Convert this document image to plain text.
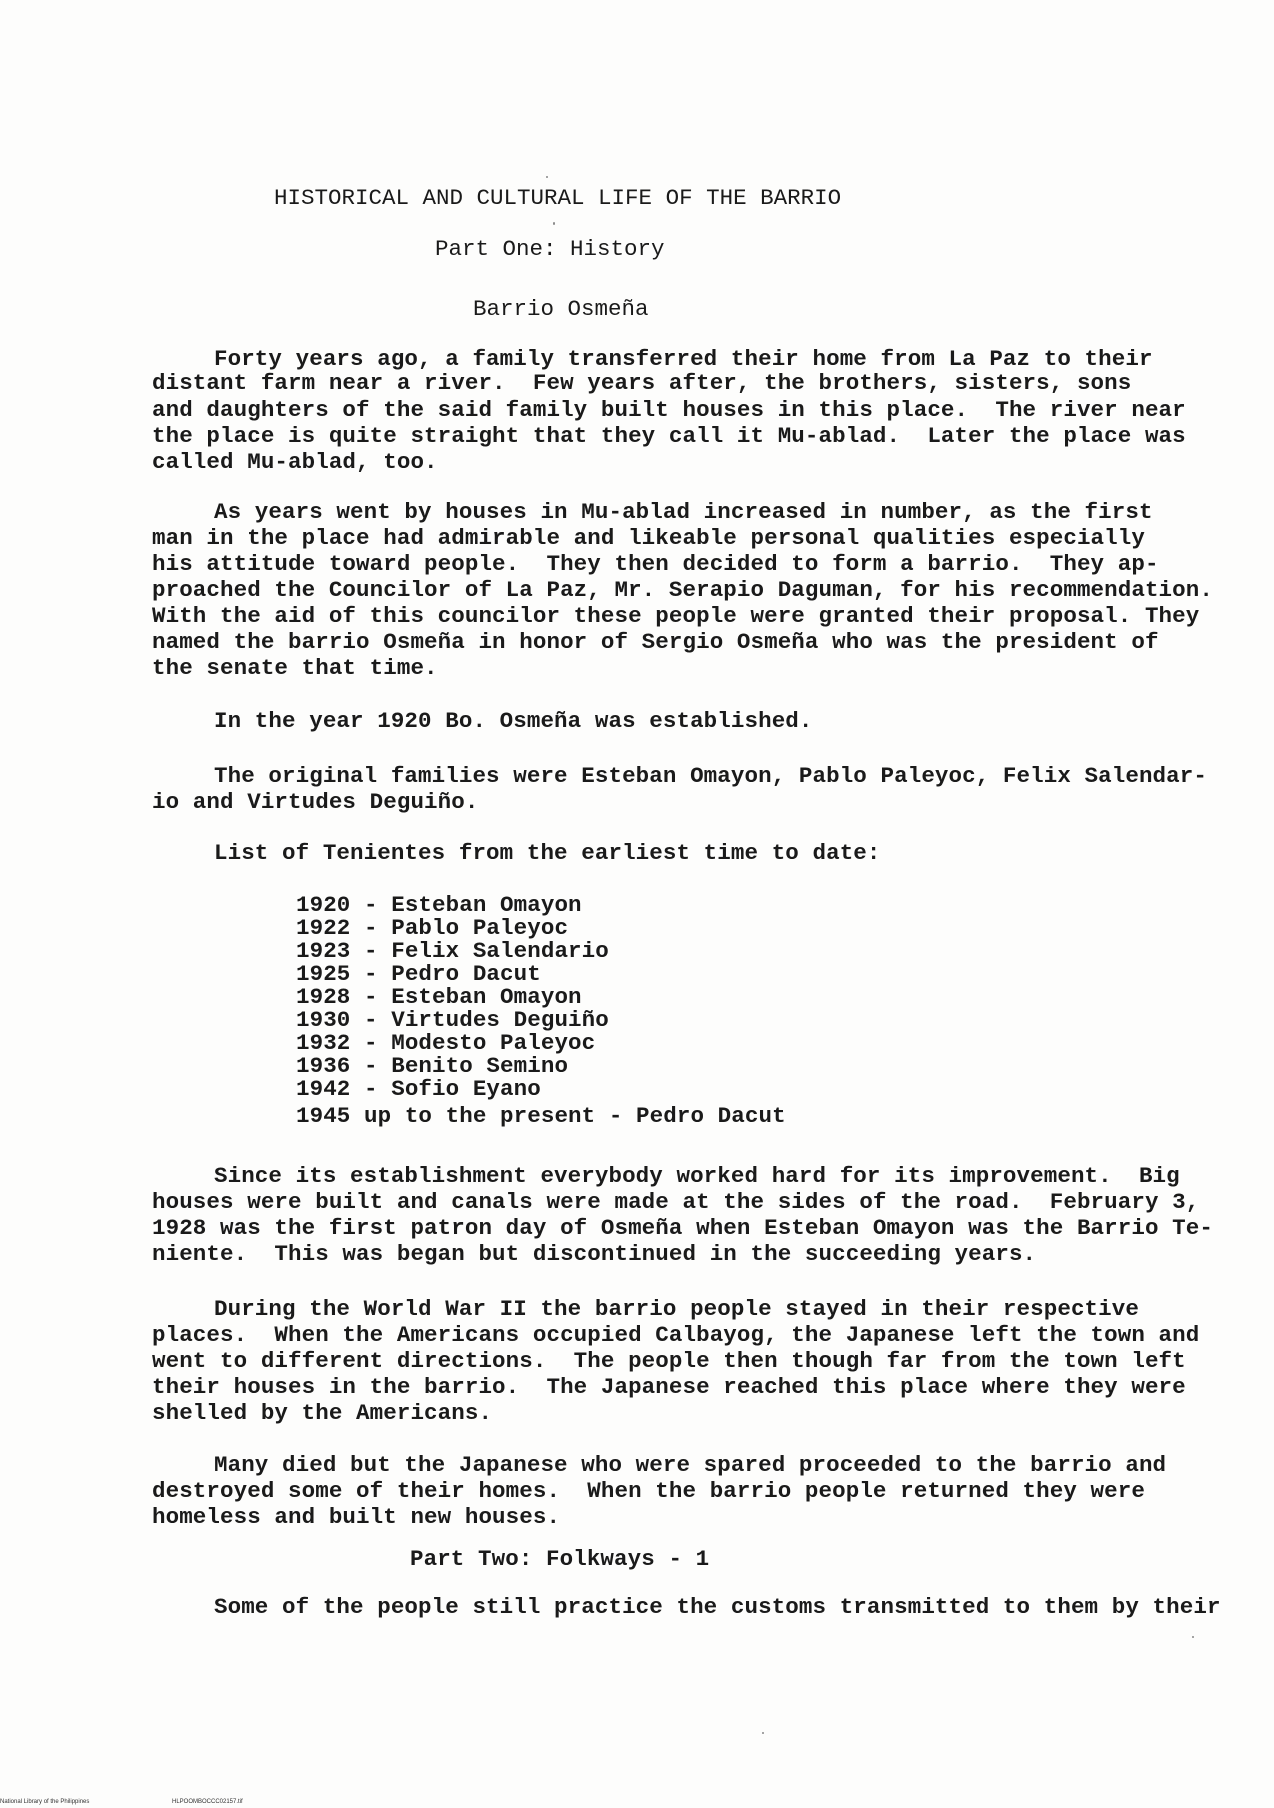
HISTORICAL AND CULTURAL LIFE OF THE BARRIO
Part One: History
Barrio Osmeña
Forty years ago, a family transferred their home from La Paz to their
distant farm near a river.  Few years after, the brothers, sisters, sons
and daughters of the said family built houses in this place.  The river near
the place is quite straight that they call it Mu-ablad.  Later the place was
called Mu-ablad, too.
As years went by houses in Mu-ablad increased in number, as the first
man in the place had admirable and likeable personal qualities especially
his attitude toward people.  They then decided to form a barrio.  They ap-
proached the Councilor of La Paz, Mr. Serapio Daguman, for his recommendation.
With the aid of this councilor these people were granted their proposal. They
named the barrio Osmeña in honor of Sergio Osmeña who was the president of
the senate that time.
In the year 1920 Bo. Osmeña was established.
The original families were Esteban Omayon, Pablo Paleyoc, Felix Salendar-
io and Virtudes Deguiño.
List of Tenientes from the earliest time to date:
1920 - Esteban Omayon
1922 - Pablo Paleyoc
1923 - Felix Salendario
1925 - Pedro Dacut
1928 - Esteban Omayon
1930 - Virtudes Deguiño
1932 - Modesto Paleyoc
1936 - Benito Semino
1942 - Sofio Eyano
1945 up to the present - Pedro Dacut
Since its establishment everybody worked hard for its improvement.  Big
houses were built and canals were made at the sides of the road.  February 3,
1928 was the first patron day of Osmeña when Esteban Omayon was the Barrio Te-
niente.  This was began but discontinued in the succeeding years.
During the World War II the barrio people stayed in their respective
places.  When the Americans occupied Calbayog, the Japanese left the town and
went to different directions.  The people then though far from the town left
their houses in the barrio.  The Japanese reached this place where they were
shelled by the Americans.
Many died but the Japanese who were spared proceeded to the barrio and
destroyed some of their homes.  When the barrio people returned they were
homeless and built new houses.
Part Two: Folkways - 1
Some of the people still practice the customs transmitted to them by their
National Library of the Philippines	HLPOOMBOCCC02157.tif
